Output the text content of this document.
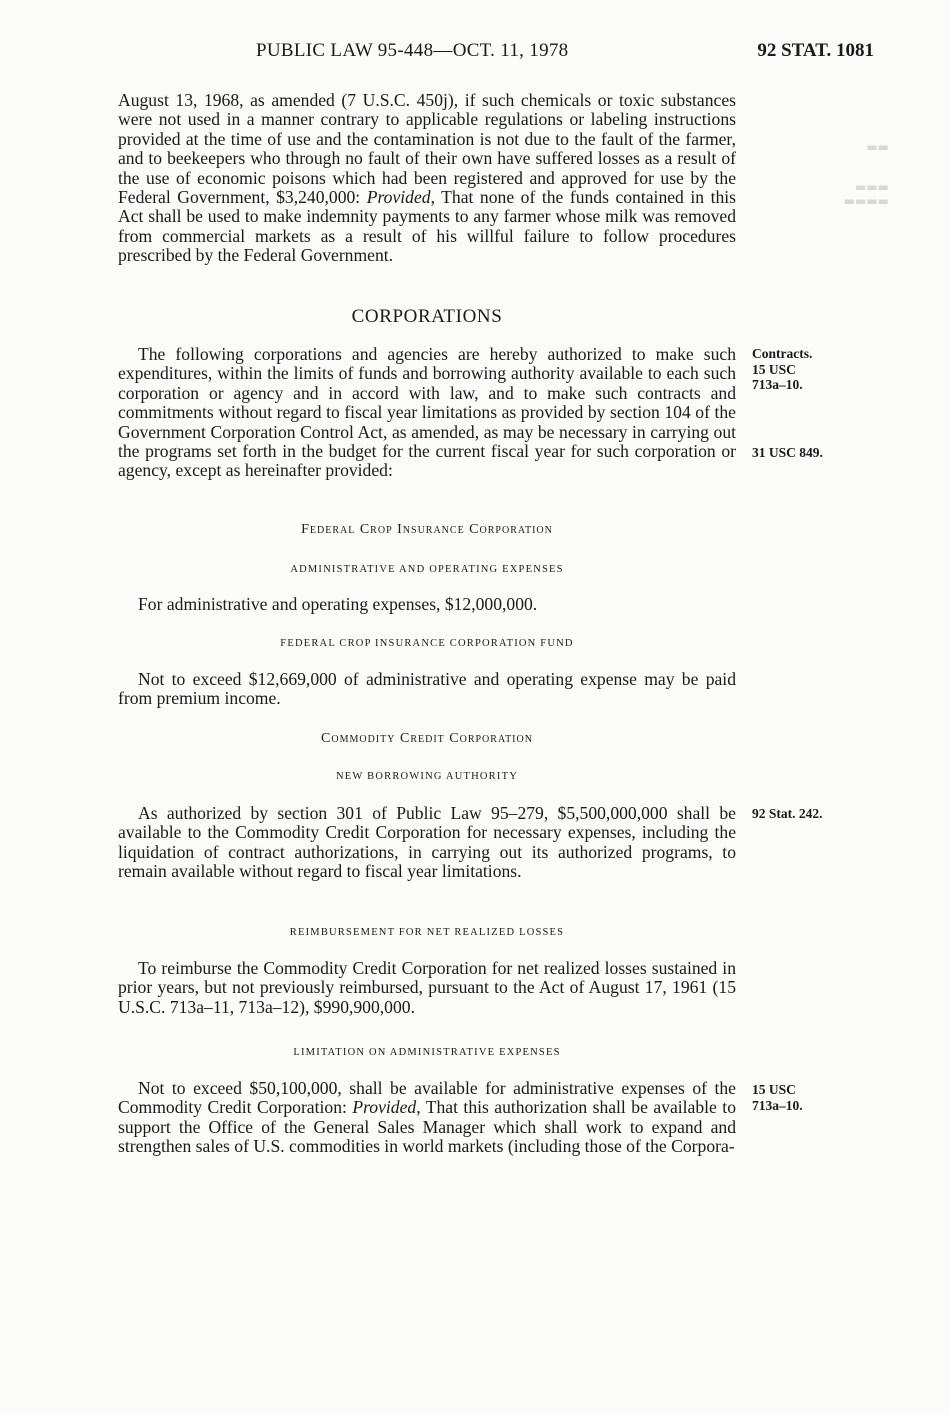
PUBLIC LAW 95-448—OCT. 11, 1978	92 STAT. 1081
▬▬
▬▬▬
▬▬▬▬

August 13, 1968, as amended (7 U.S.C. 450j), if such chemicals or toxic substances were not used in a manner contrary to applicable regulations or labeling instructions provided at the time of use and the contamination is not due to the fault of the farmer, and to beekeepers who through no fault of their own have suffered losses as a result of the use of economic poisons which had been registered and approved for use by the Federal Government, $3,240,000: Provided, That none of the funds contained in this Act shall be used to make indemnity payments to any farmer whose milk was removed from commercial markets as a result of his willful failure to follow procedures prescribed by the Federal Government.

CORPORATIONS

The following corporations and agencies are hereby authorized to make such expenditures, within the limits of funds and borrowing authority available to each such corporation or agency and in accord with law, and to make such contracts and commitments without regard to fiscal year limitations as provided by section 104 of the Government Corporation Control Act, as amended, as may be necessary in carrying out the programs set forth in the budget for the current fiscal year for such corporation or agency, except as hereinafter provided:

Federal Crop Insurance Corporation
ADMINISTRATIVE AND OPERATING EXPENSES

For administrative and operating expenses, $12,000,000.

FEDERAL CROP INSURANCE CORPORATION FUND

Not to exceed $12,669,000 of administrative and operating expense may be paid from premium income.

Commodity Credit Corporation
NEW BORROWING AUTHORITY

As authorized by section 301 of Public Law 95–279, $5,500,000,000 shall be available to the Commodity Credit Corporation for necessary expenses, including the liquidation of contract authorizations, in carrying out its authorized programs, to remain available without regard to fiscal year limitations.

REIMBURSEMENT FOR NET REALIZED LOSSES

To reimburse the Commodity Credit Corporation for net realized losses sustained in prior years, but not previously reimbursed, pursuant to the Act of August 17, 1961 (15 U.S.C. 713a–11, 713a–12), $990,900,000.

LIMITATION ON ADMINISTRATIVE EXPENSES

Not to exceed $50,100,000, shall be available for administrative expenses of the Commodity Credit Corporation: Provided, That this authorization shall be available to support the Office of the General Sales Manager which shall work to expand and strengthen sales of U.S. commodities in world markets (including those of the Corpora-

Contracts.
15 USC
713a–10.
31 USC 849.
92 Stat. 242.
15 USC
713a–10.
